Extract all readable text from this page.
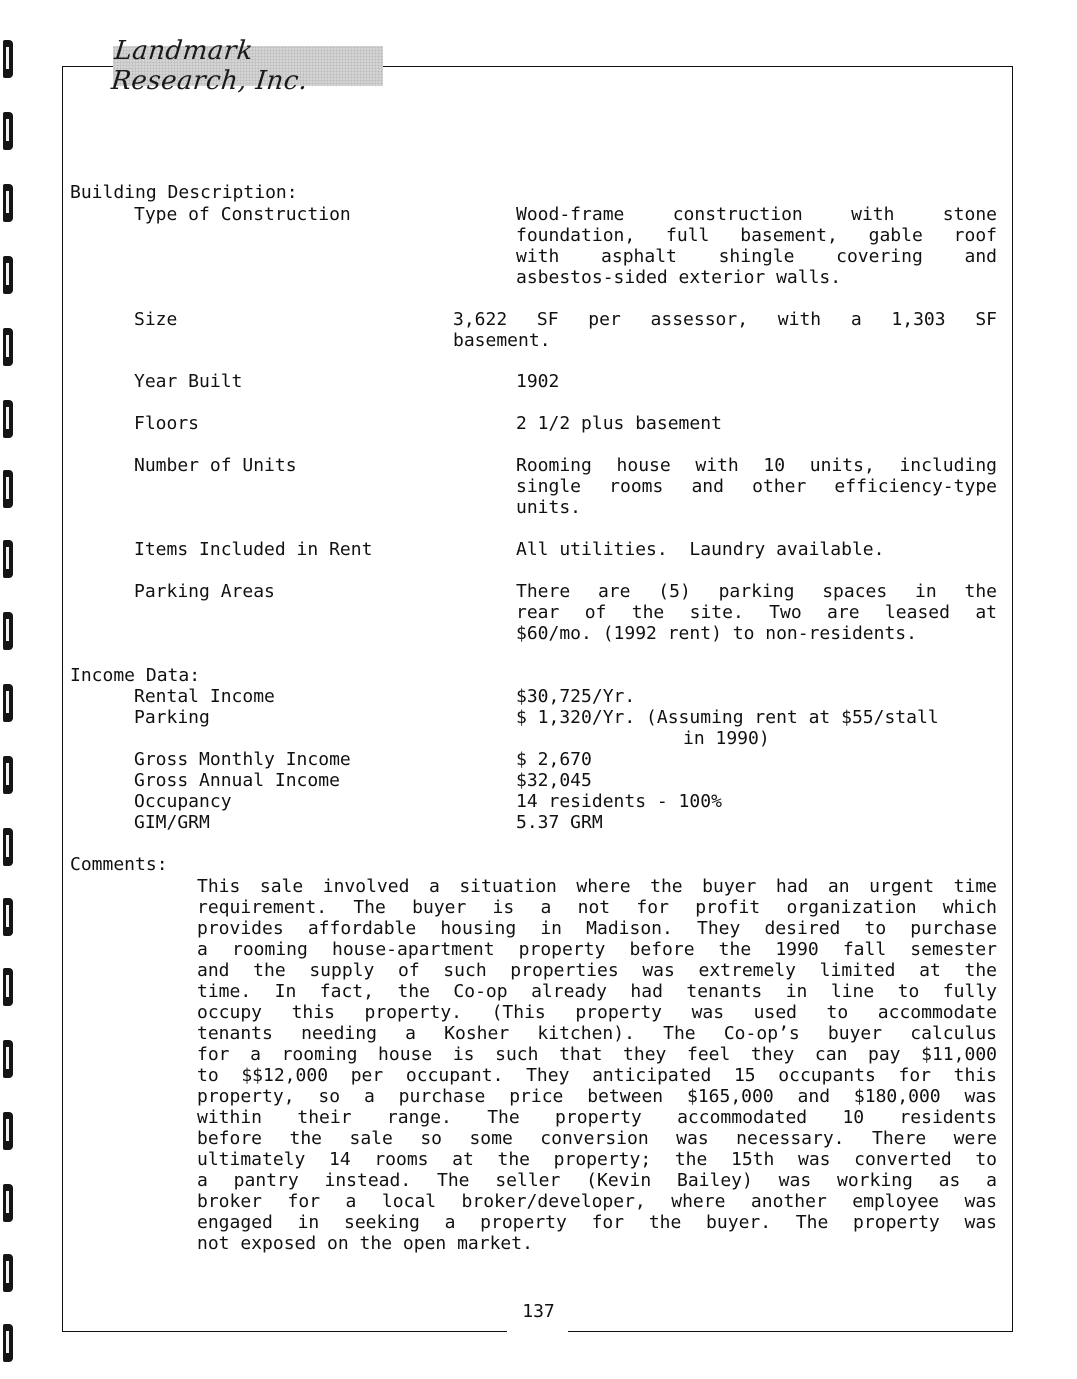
Landmark Research, Inc.
Building Description:
Type of Construction	Wood-frame construction with stone
foundation, full basement, gable roof
with asphalt shingle covering and
asbestos-sided exterior walls.
Size	3,622 SF per assessor, with a 1,303 SF
basement.
Year Built	1902
Floors	2 1/2 plus basement
Number of Units	Rooming house with 10 units, including
single rooms and other efficiency-type
units.
Items Included in Rent	All utilities.  Laundry available.
Parking Areas	There are (5) parking spaces in the
rear of the site. Two are leased at
$60/mo. (1992 rent) to non-residents.
Income Data:
Rental Income	$30,725/Yr.
Parking	$ 1,320/Yr. (Assuming rent at $55/stall
in 1990)
Gross Monthly Income	$ 2,670
Gross Annual Income	$32,045
Occupancy	14 residents - 100%
GIM/GRM	5.37 GRM
Comments:
This sale involved a situation where the buyer had an urgent time
requirement. The buyer is a not for profit organization which
provides affordable housing in Madison. They desired to purchase
a rooming house-apartment property before the 1990 fall semester
and the supply of such properties was extremely limited at the
time. In fact, the Co-op already had tenants in line to fully
occupy this property. (This property was used to accommodate
tenants needing a Kosher kitchen). The Co-op’s buyer calculus
for a rooming house is such that they feel they can pay $11,000
to $$12,000 per occupant. They anticipated 15 occupants for this
property, so a purchase price between $165,000 and $180,000 was
within their range. The property accommodated 10 residents
before the sale so some conversion was necessary. There were
ultimately 14 rooms at the property; the 15th was converted to
a pantry instead. The seller (Kevin Bailey) was working as a
broker for a local broker/developer, where another employee was
engaged in seeking a property for the buyer. The property was
not exposed on the open market.
137
